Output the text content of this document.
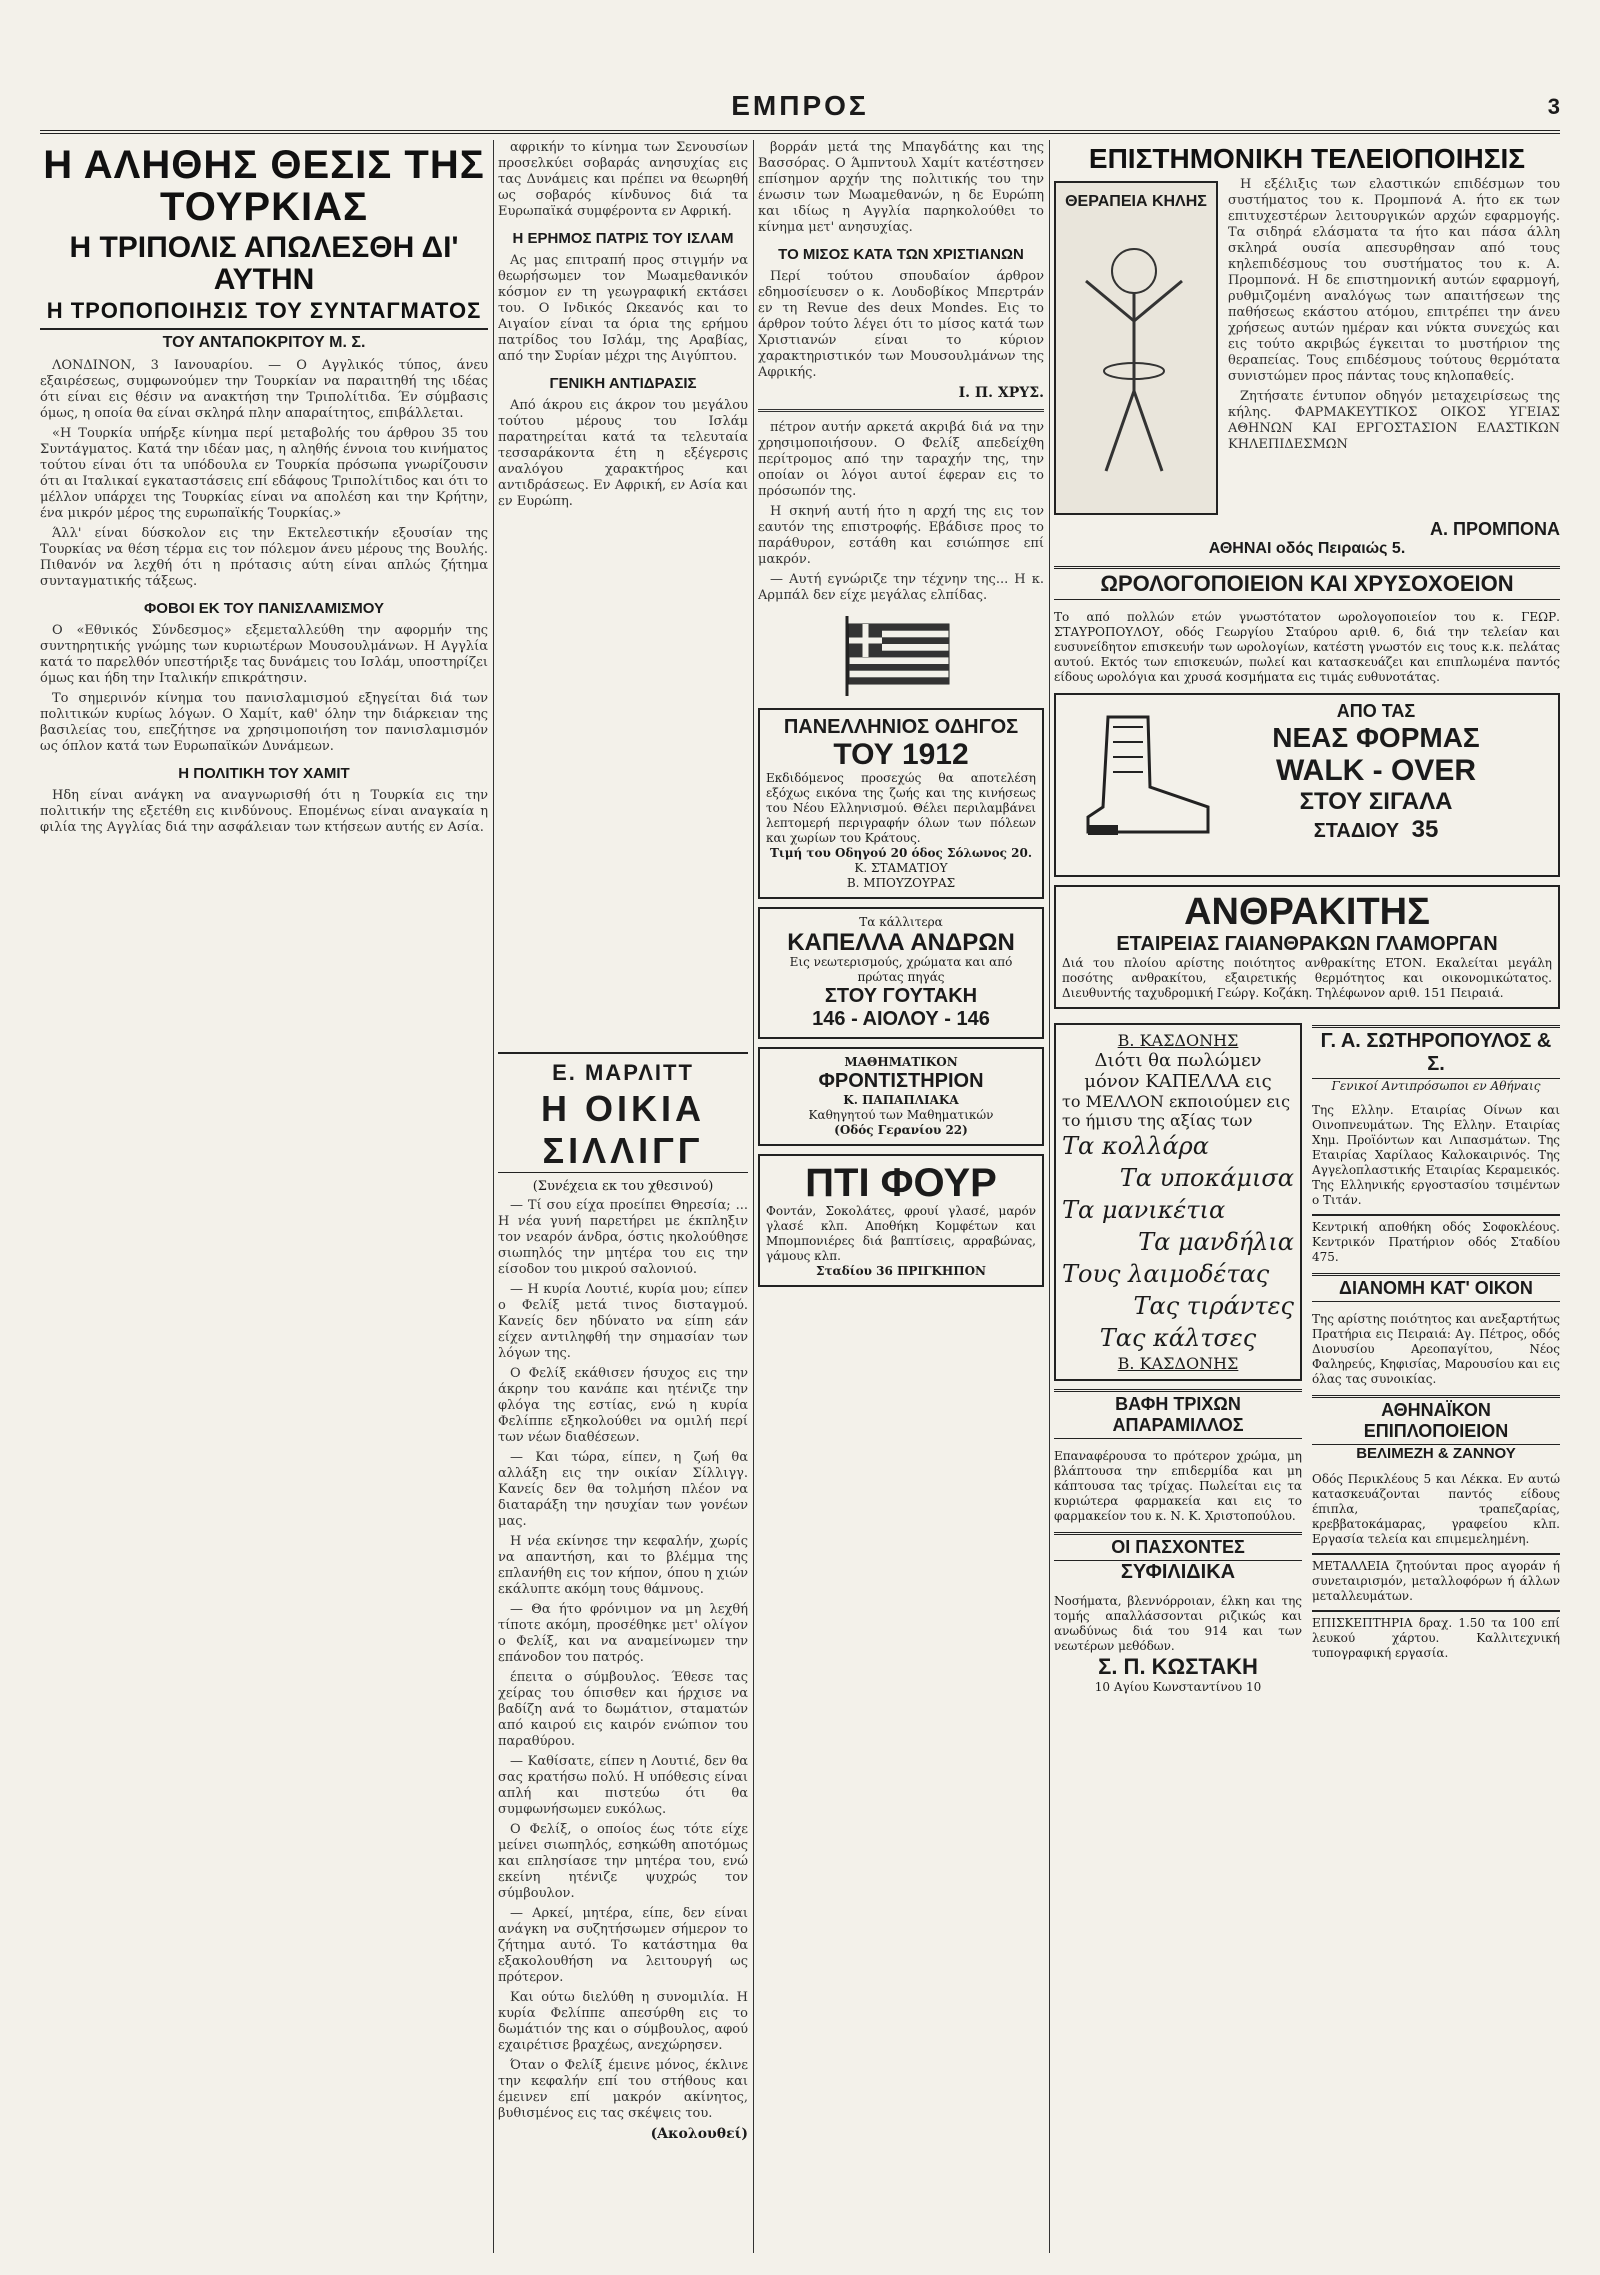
ΕΜΠΡΟΣ	3
Η ΑΛΗΘΗΣ ΘΕΣΙΣ ΤΗΣ ΤΟΥΡΚΙΑΣ
Η ΤΡΙΠΟΛΙΣ ΑΠΩΛΕΣΘΗ ΔΙ' ΑΥΤΗΝ
Η ΤΡΟΠΟΠΟΙΗΣΙΣ ΤΟΥ ΣΥΝΤΑΓΜΑΤΟΣ
ΤΟΥ ΑΝΤΑΠΟΚΡΙΤΟΥ Μ. Σ.

ΛΟΝΔΙΝΟΝ, 3 Ιανουαρίου. — Ο Αγγλικός τύπος, άνευ εξαιρέσεως, συμφωνούμεν την Τουρκίαν να παραιτηθή της ιδέας ότι είναι εις θέσιν να ανακτήση την Τριπολίτιδα. Έν σύμβασις όμως, η οποία θα είναι σκληρά πλην απαραίτητος, επιβάλλεται.

«Η Τουρκία υπήρξε κίνημα περί μεταβολής του άρθρου 35 του Συντάγματος. Κατά την ιδέαν μας, η αληθής έννοια του κινήματος τούτου είναι ότι τα υπόδουλα εν Τουρκία πρόσωπα γνωρίζουσιν ότι αι Ιταλικαί εγκαταστάσεις επί εδάφους Τριπολίτιδος και ότι το μέλλον υπάρχει της Τουρκίας είναι να απολέση και την Κρήτην, ένα μικρόν μέρος της ευρωπαϊκής Τουρκίας.»

Άλλ' είναι δύσκολον εις την Εκτελεστικήν εξουσίαν της Τουρκίας να θέση τέρμα εις τον πόλεμον άνευ μέρους της Βουλής. Πιθανόν να λεχθή ότι η πρότασις αύτη είναι απλώς ζήτημα συνταγματικής τάξεως.

ΦΟΒΟΙ ΕΚ ΤΟΥ ΠΑΝΙΣΛΑΜΙΣΜΟΥ

Ο «Εθνικός Σύνδεσμος» εξεμεταλλεύθη την αφορμήν της συντηρητικής γνώμης των κυριωτέρων Μουσουλμάνων. Η Αγγλία κατά το παρελθόν υπεστήριξε τας δυνάμεις του Ισλάμ, υποστηρίζει όμως και ήδη την Ιταλικήν επικράτησιν.

Το σημερινόν κίνημα του πανισλαμισμού εξηγείται διά των πολιτικών κυρίως λόγων. Ο Χαμίτ, καθ' όλην την διάρκειαν της βασιλείας του, επεζήτησε να χρησιμοποιήση τον πανισλαμισμόν ως όπλον κατά των Ευρωπαϊκών Δυνάμεων.

Η ΠΟΛΙΤΙΚΗ ΤΟΥ ΧΑΜΙΤ

Ηδη είναι ανάγκη να αναγνωρισθή ότι η Τουρκία εις την πολιτικήν της εξετέθη εις κινδύνους. Επομένως είναι αναγκαία η φιλία της Αγγλίας διά την ασφάλειαν των κτήσεων αυτής εν Ασία.

αφρικήν το κίνημα των Σενουσίων προσελκύει σοβαράς ανησυχίας εις τας Δυνάμεις και πρέπει να θεωρηθή ως σοβαρός κίνδυνος διά τα Ευρωπαϊκά συμφέροντα εν Αφρική.

Η ΕΡΗΜΟΣ ΠΑΤΡΙΣ ΤΟΥ ΙΣΛΑΜ

Ας μας επιτραπή προς στιγμήν να θεωρήσωμεν τον Μωαμεθανικόν κόσμον εν τη γεωγραφική εκτάσει του. Ο Ινδικός Ωκεανός και το Αιγαίον είναι τα όρια της ερήμου πατρίδος του Ισλάμ, της Αραβίας, από την Συρίαν μέχρι της Αιγύπτου.

ΓΕΝΙΚΗ ΑΝΤΙΔΡΑΣΙΣ

Από άκρου εις άκρον του μεγάλου τούτου μέρους του Ισλάμ παρατηρείται κατά τα τελευταία τεσσαράκοντα έτη η εξέγερσις αναλόγου χαρακτήρος και αντιδράσεως. Εν Αφρική, εν Ασία και εν Ευρώπη.

βορράν μετά της Μπαγδάτης και της Βασσόρας. Ο Άμπντουλ Χαμίτ κατέστησεν επίσημον αρχήν της πολιτικής του την ένωσιν των Μωαμεθανών, η δε Ευρώπη και ιδίως η Αγγλία παρηκολούθει το κίνημα μετ' ανησυχίας.

ΤΟ ΜΙΣΟΣ ΚΑΤΑ ΤΩΝ ΧΡΙΣΤΙΑΝΩΝ

Περί τούτου σπουδαίον άρθρον εδημοσίευσεν ο κ. Λουδοβίκος Μπερτράν εν τη Revue des deux Mondes. Εις το άρθρον τούτο λέγει ότι το μίσος κατά των Χριστιανών είναι το κύριον χαρακτηριστικόν των Μουσουλμάνων της Αφρικής.

Ι. Π. ΧΡΥΣ.

πέτρον αυτήν αρκετά ακριβά διά να την χρησιμοποιήσουν. Ο Φελίξ απεδείχθη περίτρομος από την ταραχήν της, την οποίαν οι λόγοι αυτοί έφεραν εις το πρόσωπόν της.

Η σκηνή αυτή ήτο η αρχή της εις τον εαυτόν της επιστροφής. Εβάδισε προς το παράθυρον, εστάθη και εσιώπησε επί μακρόν.

— Αυτή εγνώριζε την τέχνην της... Η κ. Αρμπάλ δεν είχε μεγάλας ελπίδας.

ΠΑΝΕΛΛΗΝΙΟΣ ΟΔΗΓΟΣ
ΤΟΥ 1912
Εκδιδόμενος προσεχώς θα αποτελέση εξόχως εικόνα της ζωής και της κινήσεως του Νέου Ελληνισμού. Θέλει περιλαμβάνει λεπτομερή περιγραφήν όλων των πόλεων και χωρίων του Κράτους.
Τιμή του Οδηγού 20 όδος Σόλωνος 20.
Κ. ΣΤΑΜΑΤΙΟΥ
Β. ΜΠΟΥΖΟΥΡΑΣ
Τα κάλλιτερα
ΚΑΠΕΛΛΑ ΑΝΔΡΩΝ
Εις νεωτερισμούς, χρώματα και από πρώτας πηγάς
ΣΤΟΥ ΓΟΥΤΑΚΗ
146 - ΑΙΟΛΟΥ - 146
ΜΑΘΗΜΑΤΙΚΟΝ
ΦΡΟΝΤΙΣΤΗΡΙΟΝ
Κ. ΠΑΠΑΠΛΙΑΚΑ
Καθηγητού των Μαθηματικών
(Οδός Γερανίου 22)
ΠΤΙ ΦΟΥΡ
Φοντάν, Σοκολάτες, φρουί γλασέ, μαρόν γλασέ κλπ. Αποθήκη Κομφέτων και Μπομπονιέρες διά βαπτίσεις, αρραβώνας, γάμους κλπ.
Σταδίου 36 ΠΡΙΓΚΗΠΟΝ
Ε. ΜΑΡΛΙΤΤ
Η ΟΙΚΙΑ ΣΙΛΛΙΓΓ
(Συνέχεια εκ του χθεσινού)

— Τί σου είχα προείπει Θηρεσία; ... Η νέα γυνή παρετήρει με έκπληξιν τον νεαρόν άνδρα, όστις ηκολούθησε σιωπηλός την μητέρα του εις την είσοδον του μικρού σαλονιού.

— Η κυρία Λουτιέ, κυρία μου; είπεν ο Φελίξ μετά τινος δισταγμού. Κανείς δεν ηδύνατο να είπη εάν είχεν αντιληφθή την σημασίαν των λόγων της.

Ο Φελίξ εκάθισεν ήσυχος εις την άκρην του κανάπε και ητένιζε την φλόγα της εστίας, ενώ η κυρία Φελίππε εξηκολούθει να ομιλή περί των νέων διαθέσεων.

— Και τώρα, είπεν, η ζωή θα αλλάξη εις την οικίαν Σίλλιγγ. Κανείς δεν θα τολμήση πλέον να διαταράξη την ησυχίαν των γονέων μας.

Η νέα εκίνησε την κεφαλήν, χωρίς να απαντήση, και το βλέμμα της επλανήθη εις τον κήπον, όπου η χιών εκάλυπτε ακόμη τους θάμνους.

— Θα ήτο φρόνιμον να μη λεχθή τίποτε ακόμη, προσέθηκε μετ' ολίγον ο Φελίξ, και να αναμείνωμεν την επάνοδον του πατρός.

έπειτα ο σύμβουλος. Έθεσε τας χείρας του όπισθεν και ήρχισε να βαδίζη ανά το δωμάτιον, σταματών από καιρού εις καιρόν ενώπιον του παραθύρου.

— Καθίσατε, είπεν η Λουτιέ, δεν θα σας κρατήσω πολύ. Η υπόθεσις είναι απλή και πιστεύω ότι θα συμφωνήσωμεν ευκόλως.

Ο Φελίξ, ο οποίος έως τότε είχε μείνει σιωπηλός, εσηκώθη αποτόμως και επλησίασε την μητέρα του, ενώ εκείνη ητένιζε ψυχρώς τον σύμβουλον.

— Αρκεί, μητέρα, είπε, δεν είναι ανάγκη να συζητήσωμεν σήμερον το ζήτημα αυτό. Το κατάστημα θα εξακολουθήση να λειτουργή ως πρότερον.

Και ούτω διελύθη η συνομιλία. Η κυρία Φελίππε απεσύρθη εις το δωμάτιόν της και ο σύμβουλος, αφού εχαιρέτισε βραχέως, ανεχώρησεν.

Όταν ο Φελίξ έμεινε μόνος, έκλινε την κεφαλήν επί του στήθους και έμεινεν επί μακρόν ακίνητος, βυθισμένος εις τας σκέψεις του.

(Ακολουθεί)
ΕΠΙΣΤΗΜΟΝΙΚΗ ΤΕΛΕΙΟΠΟΙΗΣΙΣ
ΘΕΡΑΠΕΙΑ ΚΗΛΗΣ

Η εξέλιξις των ελαστικών επιδέσμων του συστήματος του κ. Προμπονά Α. ήτο εκ των επιτυχεστέρων λειτουργικών αρχών εφαρμογής. Τα σιδηρά ελάσματα τα ήτο και πάσα άλλη σκληρά ουσία απεσυρθησαν από τους κηλεπιδέσμους του συστήματος του κ. Α. Προμπονά. Η δε επιστημονική αυτών εφαρμογή, ρυθμιζομένη αναλόγως των απαιτήσεων της παθήσεως εκάστου ατόμου, επιτρέπει την άνευ χρήσεως αυτών ημέραν και νύκτα συνεχώς και εις τούτο ακριβώς έγκειται το μυστήριον της θεραπείας. Τους επιδέσμους τούτους θερμότατα συνιστώμεν προς πάντας τους κηλοπαθείς.

Ζητήσατε έντυπον οδηγόν μεταχειρίσεως της κήλης. ΦΑΡΜΑΚΕΥΤΙΚΟΣ ΟΙΚΟΣ ΥΓΕΙΑΣ ΑΘΗΝΩΝ ΚΑΙ ΕΡΓΟΣΤΑΣΙΟΝ ΕΛΑΣΤΙΚΩΝ ΚΗΛΕΠΙΔΕΣΜΩΝ

Α. ΠΡΟΜΠΟΝΑ
ΑΘΗΝΑΙ οδός Πειραιώς 5.
ΩΡΟΛΟΓΟΠΟΙΕΙΟΝ ΚΑΙ ΧΡΥΣΟΧΟΕΙΟΝ
Το από πολλών ετών γνωστότατον ωρολογοποιείον του κ. ΓΕΩΡ. ΣΤΑΥΡΟΠΟΥΛΟΥ, οδός Γεωργίου Σταύρου αριθ. 6, διά την τελείαν και ευσυνείδητον επισκευήν των ωρολογίων, κατέστη γνωστόν εις τους κ.κ. πελάτας αυτού. Εκτός των επισκευών, πωλεί και κατασκευάζει και επιπλωμένα παντός είδους ωρολόγια και χρυσά κοσμήματα εις τιμάς ευθυνοτάτας.
ΑΠΟ ΤΑΣ
ΝΕΑΣ ΦΟΡΜΑΣ
WALK - OVER
ΣΤΟΥ ΣΙΓΑΛΑ
ΣΤΑΔΙΟΥ 35
ΑΝΘΡΑΚΙΤΗΣ
ΕΤΑΙΡΕΙΑΣ ΓΑΙΑΝΘΡΑΚΩΝ ΓΛΑΜΟΡΓΑΝ
Διά του πλοίου αρίστης ποιότητος ανθρακίτης ΕΤΟΝ. Εκαλείται μεγάλη ποσότης ανθρακίτου, εξαιρετικής θερμότητος και οικονομικώτατος. Διευθυντής ταχυδρομική Γεώργ. Κοζάκη. Τηλέφωνον αριθ. 151 Πειραιά.
Β. ΚΑΣΔΟΝΗΣ
Διότι θα πωλώμεν
μόνον ΚΑΠΕΛΛΑ εις
το ΜΕΛΛΟΝ εκποιούμεν εις το ήμισυ της αξίας των
Τα κολλάρα
Τα υποκάμισα
Τα μανικέτια
Τα μανδήλια
Τους λαιμοδέτας
Τας τιράντες
Τας κάλτσες
Β. ΚΑΣΔΟΝΗΣ
ΒΑΦΗ ΤΡΙΧΩΝ ΑΠΑΡΑΜΙΛΛΟΣ
Επαναφέρουσα το πρότερον χρώμα, μη βλάπτουσα την επιδερμίδα και μη κάπτουσα τας τρίχας. Πωλείται εις τα κυριώτερα φαρμακεία και εις το φαρμακείον του κ. Ν. Κ. Χριστοπούλου.
ΟΙ ΠΑΣΧΟΝΤΕΣ
ΣΥΦΙΛΙΔΙΚΑ
Νοσήματα, βλεννόρροιαν, έλκη και της τομής απαλλάσσονται ριζικώς και ανωδύνως διά του 914 και των νεωτέρων μεθόδων.
Σ. Π. ΚΩΣΤΑΚΗ
10 Αγίου Κωνσταντίνου 10
Γ. Α. ΣΩΤΗΡΟΠΟΥΛΟΣ & Σ.
Γενικοί Αντιπρόσωποι εν Αθήναις
Της Ελλην. Εταιρίας Οίνων και Οινοπνευμάτων. Της Ελλην. Εταιρίας Χημ. Προϊόντων και Λιπασμάτων. Της Εταιρίας Χαρίλαος Καλοκαιρινός. Της Αγγελοπλαστικής Εταιρίας Κεραμεικός. Της Ελληνικής εργοστασίου τσιμέντων ο Τιτάν.
Κεντρική αποθήκη οδός Σοφοκλέους. Κεντρικόν Πρατήριον οδός Σταδίου 475.
ΔΙΑΝΟΜΗ ΚΑΤ' ΟΙΚΟΝ
Της αρίστης ποιότητος και ανεξαρτήτως Πρατήρια εις Πειραιά: Αγ. Πέτρος, οδός Διονυσίου Αρεοπαγίτου, Νέος Φαληρεύς, Κηφισίας, Μαρουσίου και εις όλας τας συνοικίας.
ΑΘΗΝΑΪΚΟΝ ΕΠΙΠΛΟΠΟΙΕΙΟΝ
ΒΕΛΙΜΕΖΗ & ΖΑΝΝΟΥ
Οδός Περικλέους 5 και Λέκκα. Εν αυτώ κατασκευάζονται παντός είδους έπιπλα, τραπεζαρίας, κρεββατοκάμαρας, γραφείου κλπ. Εργασία τελεία και επιμεμελημένη.
ΜΕΤΑΛΛΕΙΑ ζητούνται προς αγοράν ή συνεταιρισμόν, μεταλλοφόρων ή άλλων μεταλλευμάτων.
ΕΠΙΣΚΕΠΤΗΡΙΑ δραχ. 1.50 τα 100 επί λευκού χάρτου. Καλλιτεχνική τυπογραφική εργασία.
